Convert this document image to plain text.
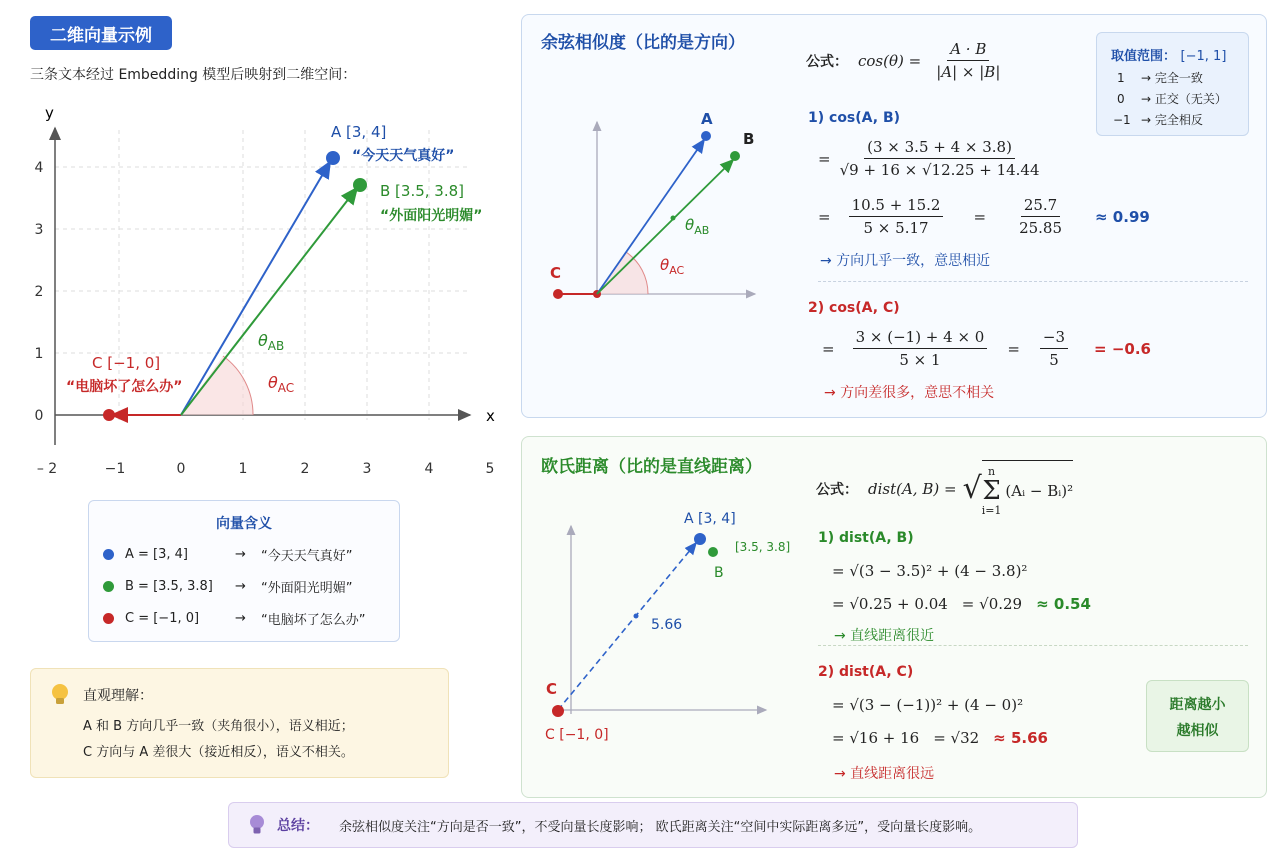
二维向量示例
三条文本经过 Embedding 模型后映射到二维空间：
x
y
– 2	−1	0	1	2	3	4	5
0
1
2
3
4
A [3, 4]
“今天天气真好”
B [3.5, 3.8]
“外面阳光明媚”
C [−1, 0]
“电脑坏了怎么办”
$\theta_{AB}$
$\theta_{AC}$
向量含义
A = [3, 4]	→	“今天天气真好”
B = [3.5, 3.8]	→	“外面阳光明媚”
C = [−1, 0]	→	“电脑坏了怎么办”
直观理解：
A 和 B 方向几乎一致（夹角很小），语义相近；
C 方向与 A 差很大（接近相反），语义不相关。
余弦相似度（比的是方向）
A
B
C
$\theta_{AB}$
$\theta_{AC}$
公式： $\cos(\theta) = \frac{A \cdot B}{|A| \times |B|}$	取值范围： [−1, 1]
1 → 完全一致
0 → 正交（无关）
−1 → 完全相反
1) cos(A, B)
= $\frac{(3 \times 3.5 + 4 \times 3.8)}{√9 + 16 \times √12.25 + 14.44}$
= $\frac{10.5 + 15.2}{5 \times 5.17} = \frac{25.7}{25.85} \approx 0.99$
→ 方向几乎一致，意思相近
2) cos(A, C)
= $\frac{3 \times (-1) + 4 \times 0}{5 \times 1} = \frac{-3}{5} = -0.6$
→ 方向差很多，意思不相关
欧氏距离（比的是直线距离）
A [3, 4]
[3.5, 3.8]
B
C
C [−1, 0]
5.66
公式： dist(A, B) = √ n
Σ
i=1
(Aᵢ − Bᵢ)²
1) dist(A, B)
= √(3 − 3.5)² + (4 − 3.8)²
= √0.25 + 0.04 = √0.29 ≈ 0.54
→ 直线距离很近
2) dist(A, C)
= √(3 − (−1))² + (4 − 0)²
= √16 + 16 = √32 ≈ 5.66
→ 直线距离很远
距离越小
越相似
总结： 余弦相似度关注“方向是否一致”，不受向量长度影响； 欧氏距离关注“空间中实际距离多远”，受向量长度影响。
